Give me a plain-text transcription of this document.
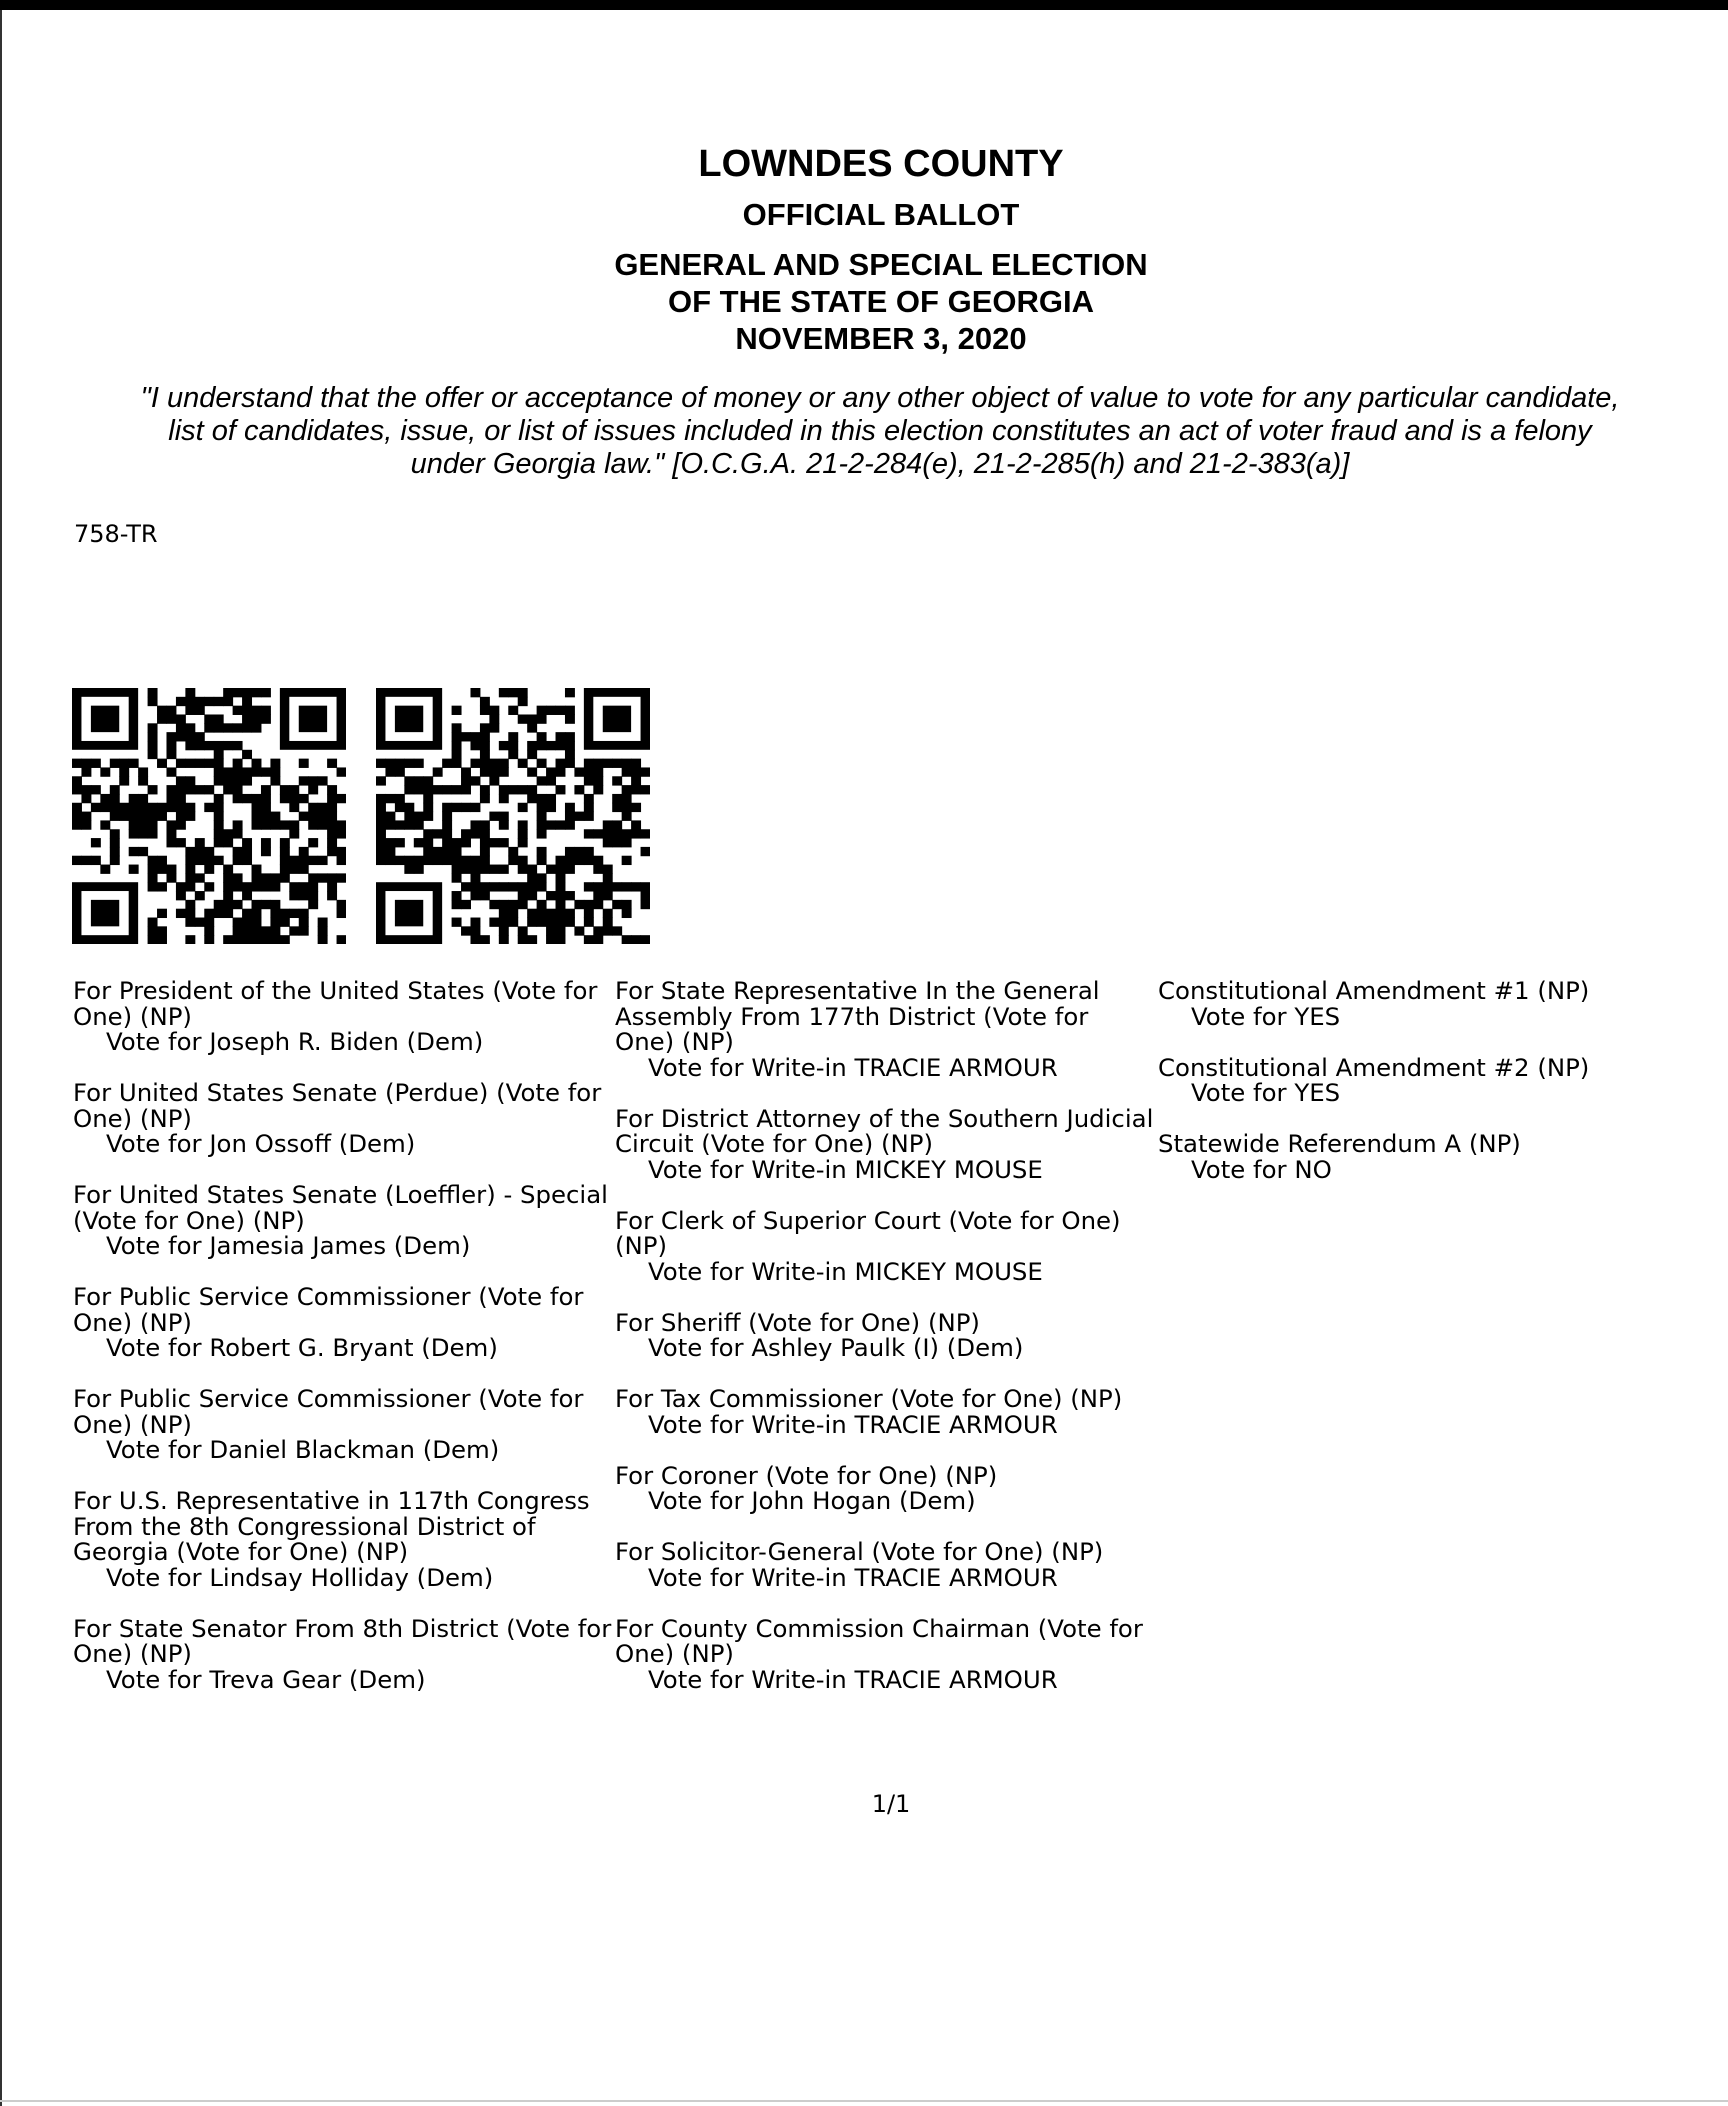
LOWNDES COUNTY
OFFICIAL BALLOT
GENERAL AND SPECIAL ELECTION
OF THE STATE OF GEORGIA
NOVEMBER 3, 2020
"I understand that the offer or acceptance of money or any other object of value to vote for any particular candidate,
list of candidates, issue, or list of issues included in this election constitutes an act of voter fraud and is a felony
under Georgia law." [O.C.G.A. 21-2-284(e), 21-2-285(h) and 21-2-383(a)]
758-TR
For President of the United States (Vote for One) (NP)
Vote for Joseph R. Biden (Dem)
For United States Senate (Perdue) (Vote for One) (NP)
Vote for Jon Ossoff (Dem)
For United States Senate (Loeffler) - Special (Vote for One) (NP)
Vote for Jamesia James (Dem)
For Public Service Commissioner (Vote for One) (NP)
Vote for Robert G. Bryant (Dem)
For Public Service Commissioner (Vote for One) (NP)
Vote for Daniel Blackman (Dem)
For U.S. Representative in 117th Congress From the 8th Congressional District of Georgia (Vote for One) (NP)
Vote for Lindsay Holliday (Dem)
For State Senator From 8th District (Vote for One) (NP)
Vote for Treva Gear (Dem)
For State Representative In the General Assembly From 177th District (Vote for One) (NP)
Vote for Write-in TRACIE ARMOUR
For District Attorney of the Southern Judicial Circuit (Vote for One) (NP)
Vote for Write-in MICKEY MOUSE
For Clerk of Superior Court (Vote for One) (NP)
Vote for Write-in MICKEY MOUSE
For Sheriff (Vote for One) (NP)
Vote for Ashley Paulk (I) (Dem)
For Tax Commissioner (Vote for One) (NP)
Vote for Write-in TRACIE ARMOUR
For Coroner (Vote for One) (NP)
Vote for John Hogan (Dem)
For Solicitor-General (Vote for One) (NP)
Vote for Write-in TRACIE ARMOUR
For County Commission Chairman (Vote for One) (NP)
Vote for Write-in TRACIE ARMOUR
Constitutional Amendment #1 (NP)
Vote for YES
Constitutional Amendment #2 (NP)
Vote for YES
Statewide Referendum A (NP)
Vote for NO
1/1
